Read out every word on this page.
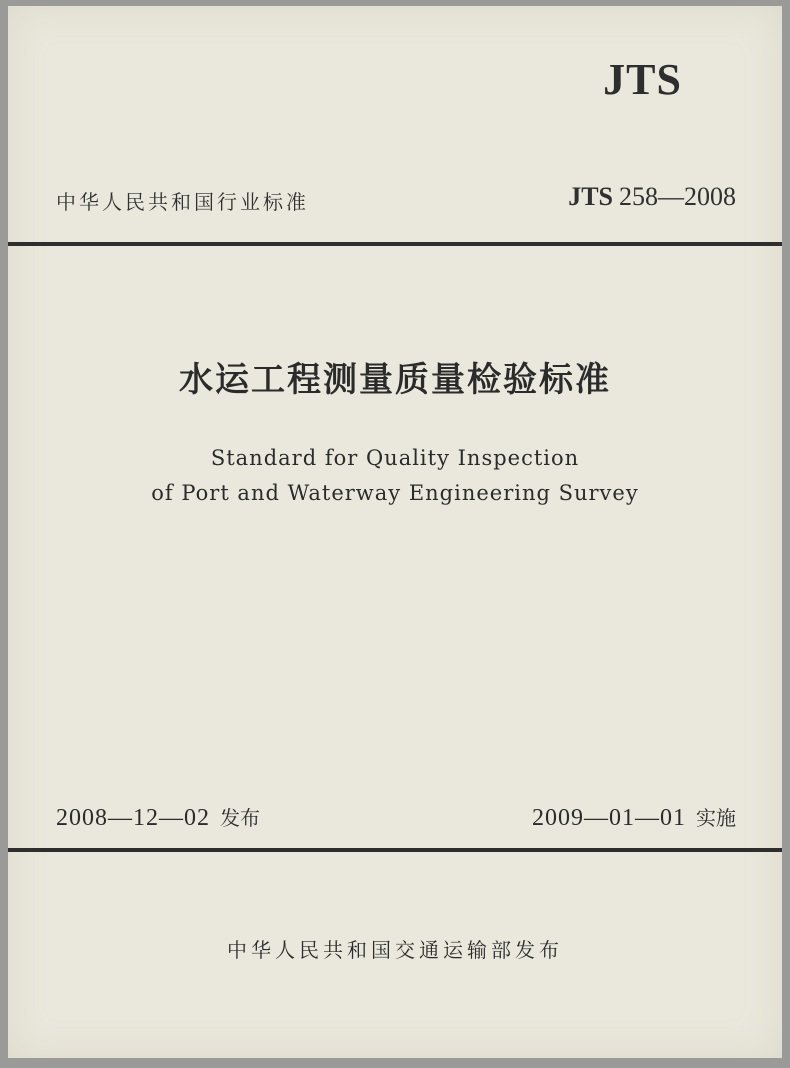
JTS
中华人民共和国行业标准	JTS 258—2008
水运工程测量质量检验标准
Standard for Quality Inspection
of Port and Waterway Engineering Survey
2008—12—02 发布	2009—01—01 实施
中华人民共和国交通运输部发布
